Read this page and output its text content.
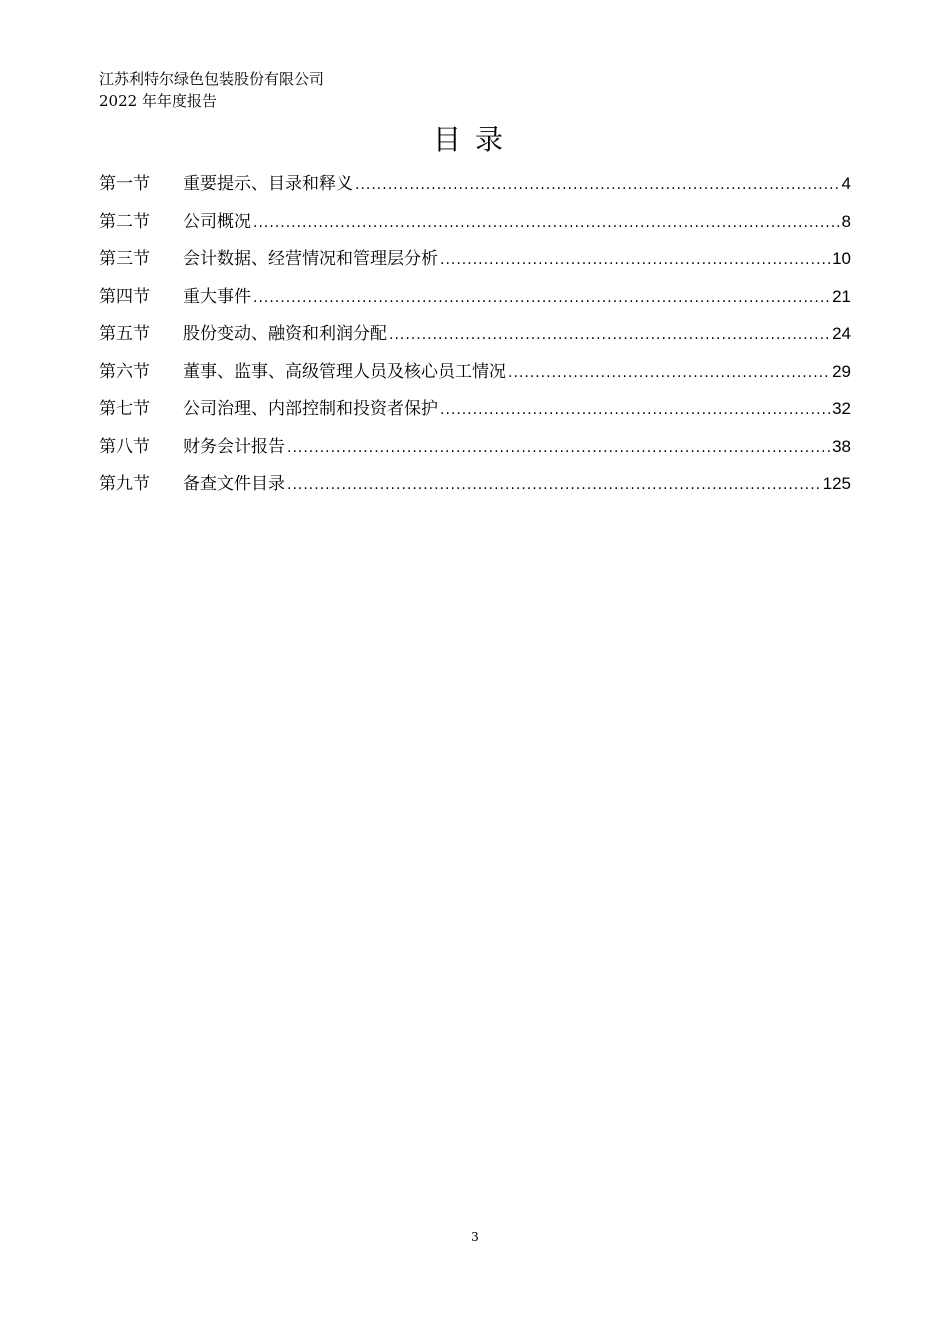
江苏利特尔绿色包装股份有限公司
2022 年年度报告
目录
第一节	重要提示、目录和释义 .....	4
第二节	公司概况 .....	8
第三节	会计数据、经营情况和管理层分析 .....	10
第四节	重大事件 .....	21
第五节	股份变动、融资和利润分配 .....	24
第六节	董事、监事、高级管理人员及核心员工情况 .....	29
第七节	公司治理、内部控制和投资者保护 .....	32
第八节	财务会计报告 .....	38
第九节	备查文件目录 .....	125
3
